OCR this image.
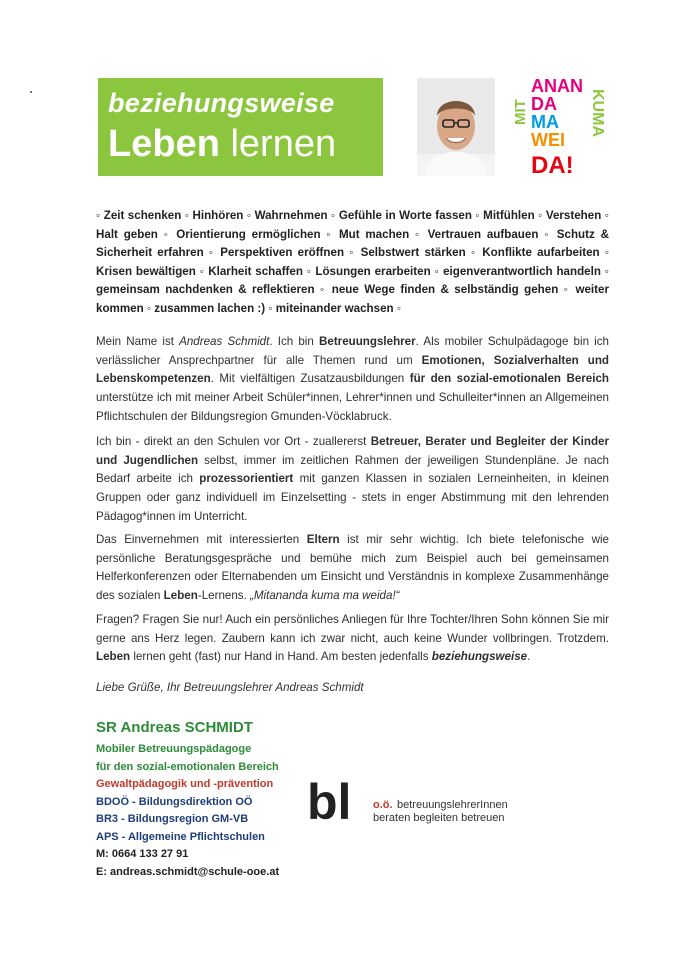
beziehungsweise
Leben lernen
MIT
ANAN
DA
MA
WEI
DA!
KUMA
◦ Zeit schenken ◦ Hinhören ◦ Wahrnehmen ◦ Gefühle in Worte fassen ◦ Mitfühlen ◦ Verstehen ◦ Halt geben ◦ Orientierung ermöglichen ◦ Mut machen ◦ Vertrauen aufbauen ◦ Schutz & Sicherheit erfahren ◦ Perspektiven eröffnen ◦ Selbstwert stärken ◦ Konflikte aufarbeiten ◦ Krisen bewältigen ◦ Klarheit schaffen ◦ Lösungen erarbeiten ◦ eigenverantwortlich handeln ◦ gemeinsam nachdenken & reflektieren ◦ neue Wege finden & selbständig gehen ◦ weiter kommen ◦ zusammen lachen :) ◦ miteinander wachsen ◦
Mein Name ist Andreas Schmidt. Ich bin Betreuungslehrer. Als mobiler Schulpädagoge bin ich verlässlicher Ansprechpartner für alle Themen rund um Emotionen, Sozialverhalten und Lebenskompetenzen. Mit vielfältigen Zusatzausbildungen für den sozial-emotionalen Bereich unterstütze ich mit meiner Arbeit Schüler*innen, Lehrer*innen und Schulleiter*innen an Allgemeinen Pflichtschulen der Bildungsregion Gmunden-Vöcklabruck.
Ich bin - direkt an den Schulen vor Ort - zuallererst Betreuer, Berater und Begleiter der Kinder und Jugendlichen selbst, immer im zeitlichen Rahmen der jeweiligen Stundenpläne. Je nach Bedarf arbeite ich prozessorientiert mit ganzen Klassen in sozialen Lerneinheiten, in kleinen Gruppen oder ganz individuell im Einzelsetting - stets in enger Abstimmung mit den lehrenden Pädagog*innen im Unterricht.
Das Einvernehmen mit interessierten Eltern ist mir sehr wichtig. Ich biete telefonische wie persönliche Beratungsgespräche und bemühe mich zum Beispiel auch bei gemeinsamen Helferkonferenzen oder Elternabenden um Einsicht und Verständnis in komplexe Zusammenhänge des sozialen Leben-Lernens. „Mitananda kuma ma weida!“
Fragen? Fragen Sie nur! Auch ein persönliches Anliegen für Ihre Tochter/Ihren Sohn können Sie mir gerne ans Herz legen. Zaubern kann ich zwar nicht, auch keine Wunder vollbringen. Trotzdem. Leben lernen geht (fast) nur Hand in Hand. Am besten jedenfalls beziehungsweise.
Liebe Grüße, Ihr Betreuungslehrer Andreas Schmidt
SR Andreas SCHMIDT
Mobiler Betreuungspädagoge
für den sozial-emotionalen Bereich
Gewaltpädagogik und -prävention
BDOÖ - Bildungsdirektion OÖ
BR3 - Bildungsregion GM-VB
APS - Allgemeine Pflichtschulen
M: 0664 133 27 91
E: andreas.schmidt@schule-ooe.at
bl o.ö. betreuungslehrerInnen
beraten begleiten betreuen
